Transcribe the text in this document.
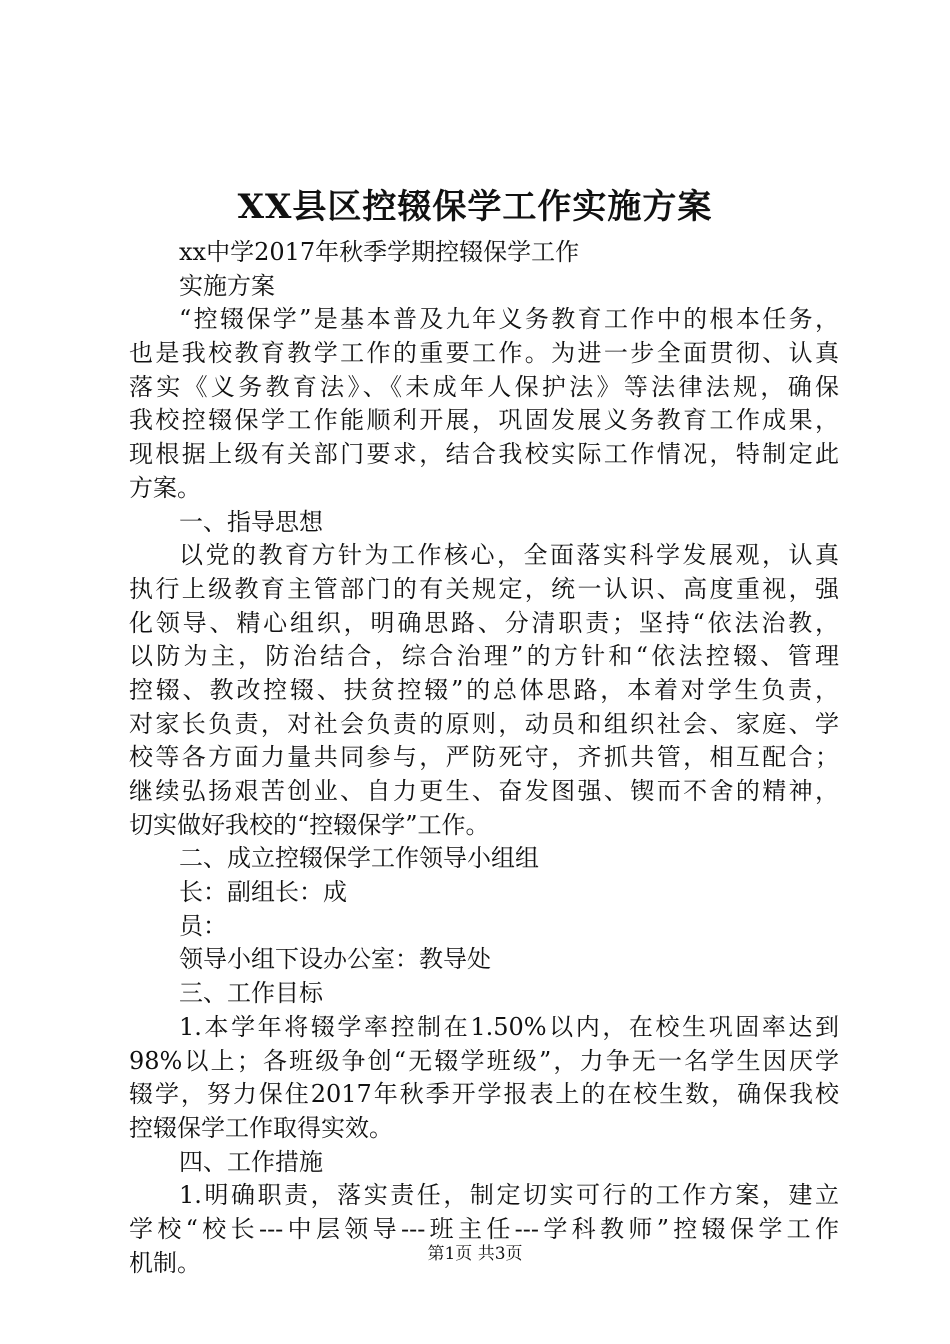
XX县区控辍保学工作实施方案
xx中学2017年秋季学期控辍保学工作
实施方案
“控辍保学”是基本普及九年义务教育工作中的根本任务，
也是我校教育教学工作的重要工作。为进一步全面贯彻、认真
落实《义务教育法》、《未成年人保护法》等法律法规，确保
我校控辍保学工作能顺利开展，巩固发展义务教育工作成果，
现根据上级有关部门要求，结合我校实际工作情况，特制定此
方案。
一、指导思想
以党的教育方针为工作核心，全面落实科学发展观，认真
执行上级教育主管部门的有关规定，统一认识、高度重视，强
化领导、精心组织，明确思路、分清职责；坚持“依法治教，
以防为主，防治结合，综合治理”的方针和“依法控辍、管理
控辍、教改控辍、扶贫控辍”的总体思路，本着对学生负责，
对家长负责，对社会负责的原则，动员和组织社会、家庭、学
校等各方面力量共同参与，严防死守，齐抓共管，相互配合；
继续弘扬艰苦创业、自力更生、奋发图强、锲而不舍的精神，
切实做好我校的“控辍保学”工作。
二、成立控辍保学工作领导小组组
长：副组长：成
员：
领导小组下设办公室：教导处
三、工作目标
1.本学年将辍学率控制在1.50%以内，在校生巩固率达到
98%以上；各班级争创“无辍学班级”，力争无一名学生因厌学
辍学，努力保住2017年秋季开学报表上的在校生数，确保我校
控辍保学工作取得实效。
四、工作措施
1.明确职责，落实责任，制定切实可行的工作方案，建立
学校“校长---中层领导---班主任---学科教师”控辍保学工作
机制。	第1页 共3页
